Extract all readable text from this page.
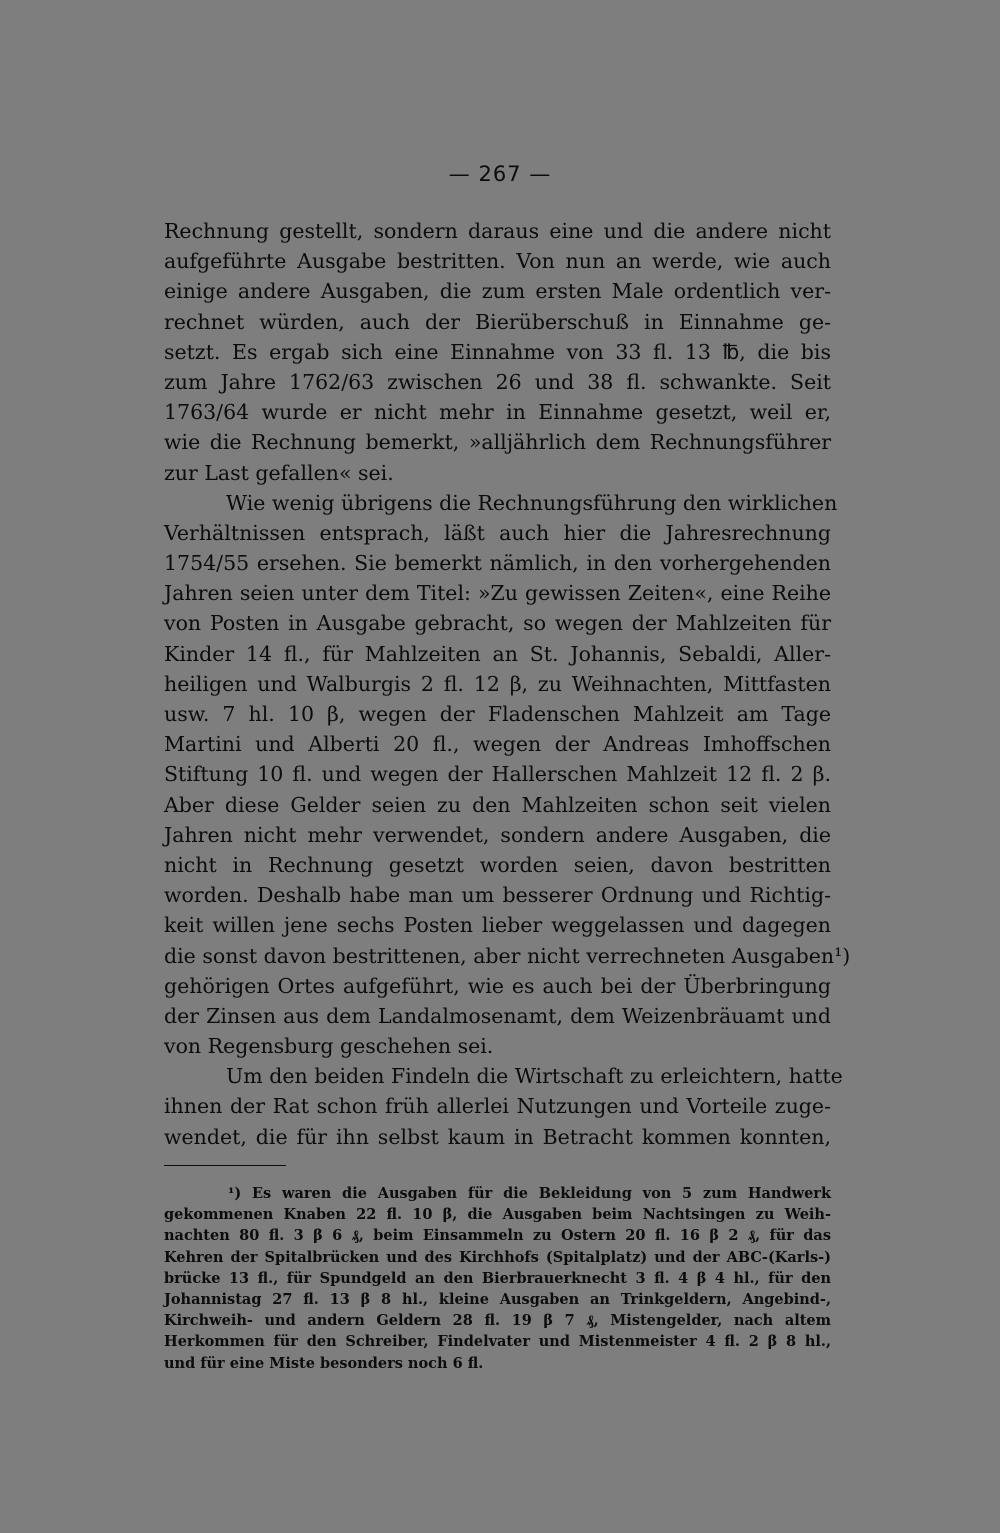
— 267 —
Rechnung gestellt, sondern daraus eine und die andere nicht
aufgeführte Ausgabe bestritten. Von nun an werde, wie auch
einige andere Ausgaben, die zum ersten Male ordentlich ver-
rechnet würden, auch der Bierüberschuß in Einnahme ge-
setzt. Es ergab sich eine Einnahme von 33 fl. 13 ℔, die bis
zum Jahre 1762/63 zwischen 26 und 38 fl. schwankte. Seit
1763/64 wurde er nicht mehr in Einnahme gesetzt, weil er,
wie die Rechnung bemerkt, »alljährlich dem Rechnungsführer
zur Last gefallen« sei.
Wie wenig übrigens die Rechnungsführung den wirklichen
Verhältnissen entsprach, läßt auch hier die Jahresrechnung
1754/55 ersehen. Sie bemerkt nämlich, in den vorhergehenden
Jahren seien unter dem Titel: »Zu gewissen Zeiten«, eine Reihe
von Posten in Ausgabe gebracht, so wegen der Mahlzeiten für
Kinder 14 fl., für Mahlzeiten an St. Johannis, Sebaldi, Aller-
heiligen und Walburgis 2 fl. 12 β, zu Weihnachten, Mittfasten
usw. 7 hl. 10 β, wegen der Fladenschen Mahlzeit am Tage
Martini und Alberti 20 fl., wegen der Andreas Imhoffschen
Stiftung 10 fl. und wegen der Hallerschen Mahlzeit 12 fl. 2 β.
Aber diese Gelder seien zu den Mahlzeiten schon seit vielen
Jahren nicht mehr verwendet, sondern andere Ausgaben, die
nicht in Rechnung gesetzt worden seien, davon bestritten
worden. Deshalb habe man um besserer Ordnung und Richtig-
keit willen jene sechs Posten lieber weggelassen und dagegen
die sonst davon bestrittenen, aber nicht verrechneten Ausgaben¹)
gehörigen Ortes aufgeführt, wie es auch bei der Überbringung
der Zinsen aus dem Landalmosenamt, dem Weizenbräuamt und
von Regensburg geschehen sei.
Um den beiden Findeln die Wirtschaft zu erleichtern, hatte
ihnen der Rat schon früh allerlei Nutzungen und Vorteile zuge-
wendet, die für ihn selbst kaum in Betracht kommen konnten,
¹) Es waren die Ausgaben für die Bekleidung von 5 zum Handwerk
gekommenen Knaben 22 fl. 10 β, die Ausgaben beim Nachtsingen zu Weih-
nachten 80 fl. 3 β 6 ₰, beim Einsammeln zu Ostern 20 fl. 16 β 2 ₰, für das
Kehren der Spitalbrücken und des Kirchhofs (Spitalplatz) und der ABC-(Karls-)
brücke 13 fl., für Spundgeld an den Bierbrauerknecht 3 fl. 4 β 4 hl., für den
Johannistag 27 fl. 13 β 8 hl., kleine Ausgaben an Trinkgeldern, Angebind-,
Kirchweih- und andern Geldern 28 fl. 19 β 7 ₰, Mistengelder, nach altem
Herkommen für den Schreiber, Findelvater und Mistenmeister 4 fl. 2 β 8 hl.,
und für eine Miste besonders noch 6 fl.
